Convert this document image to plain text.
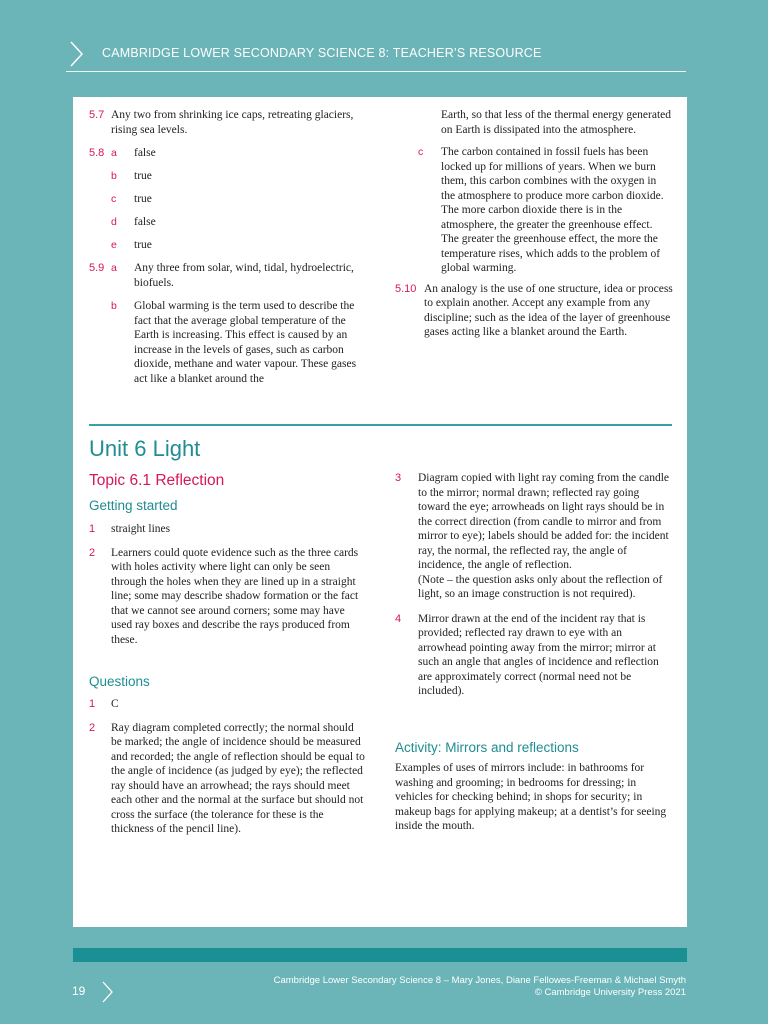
CAMBRIDGE LOWER SECONDARY SCIENCE 8: TEACHER’S RESOURCE
5.7 Any two from shrinking ice caps, retreating glaciers, rising sea levels.
5.8 a	false
b	true
c	true
d	false
e	true
5.9 a	Any three from solar, wind, tidal, hydroelectric, biofuels.
b	Global warming is the term used to describe the fact that the average global temperature of the Earth is increasing. This effect is caused by an increase in the levels of gases, such as carbon dioxide, methane and water vapour. These gases act like a blanket around the
Earth, so that less of the thermal energy generated on Earth is dissipated into the atmosphere.
c	The carbon contained in fossil fuels has been locked up for millions of years. When we burn them, this carbon combines with the oxygen in the atmosphere to produce more carbon dioxide. The more carbon dioxide there is in the atmosphere, the greater the greenhouse effect. The greater the greenhouse effect, the more the temperature rises, which adds to the problem of global warming.
5.10 An analogy is the use of one structure, idea or process to explain another. Accept any example from any discipline; such as the idea of the layer of greenhouse gases acting like a blanket around the Earth.
Unit 6 Light
Topic 6.1 Reflection
Getting started
1	straight lines
2	Learners could quote evidence such as the three cards with holes activity where light can only be seen through the holes when they are lined up in a straight line; some may describe shadow formation or the fact that we cannot see around corners; some may have used ray boxes and describe the rays produced from these.
Questions
1	C
2	Ray diagram completed correctly; the normal should be marked; the angle of incidence should be measured and recorded; the angle of reflection should be equal to the angle of incidence (as judged by eye); the reflected ray should have an arrowhead; the rays should meet each other and the normal at the surface but should not cross the surface (the tolerance for these is the thickness of the pencil line).
3	Diagram copied with light ray coming from the candle to the mirror; normal drawn; reflected ray going toward the eye; arrowheads on light rays should be in the correct direction (from candle to mirror and from mirror to eye); labels should be added for: the incident ray, the normal, the reflected ray, the angle of incidence, the angle of reflection.
(Note – the question asks only about the reflection of light, so an image construction is not required).
4	Mirror drawn at the end of the incident ray that is provided; reflected ray drawn to eye with an arrowhead pointing away from the mirror; mirror at such an angle that angles of incidence and reflection are approximately correct (normal need not be included).
Activity: Mirrors and reflections
Examples of uses of mirrors include: in bathrooms for washing and grooming; in bedrooms for dressing; in vehicles for checking behind; in shops for security; in makeup bags for applying makeup; at a dentist’s for seeing inside the mouth.
19
Cambridge Lower Secondary Science 8 – Mary Jones, Diane Fellowes-Freeman & Michael Smyth
© Cambridge University Press 2021
